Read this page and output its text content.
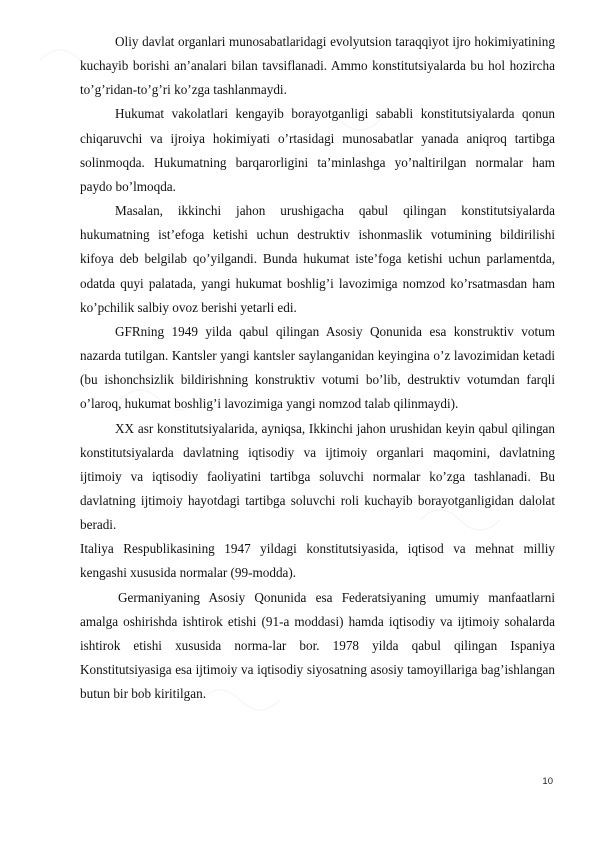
Oliy davlat organlari munosabatlaridagi evolyutsion taraqqiyot ijro hokimiyatining kuchayib borishi an’analari bilan tavsiflanadi. Ammo konstitutsiyalarda bu hol hozircha to’g’ridan-to’g’ri ko’zga tashlanmaydi.

Hukumat vakolatlari kengayib borayotganligi sababli konstitutsiyalarda qonun chiqaruvchi va ijroiya hokimiyati o’rtasidagi munosabatlar yanada aniqroq tartibga solinmoqda. Hukumatning barqarorligini ta’minlashga yo’naltirilgan normalar ham paydo bo’lmoqda.

Masalan, ikkinchi jahon urushigacha qabul qilingan konstitutsiyalarda hukumatning ist’efoga ketishi uchun destruktiv ishonmaslik votumining bildirilishi kifoya deb belgilab qo’yilgandi. Bunda hukumat iste’foga ketishi uchun parlamentda, odatda quyi palatada, yangi hukumat boshlig’i lavozimiga nomzod ko’rsatmasdan ham ko’pchilik salbiy ovoz berishi yetarli edi.

GFRning 1949 yilda qabul qilingan Asosiy Qonunida esa konstruktiv votum nazarda tutilgan. Kantsler yangi kantsler saylanganidan keyingina o’z lavozimidan ketadi (bu ishonchsizlik bildirishning konstruktiv votumi bo’lib, destruktiv votumdan farqli o’laroq, hukumat boshlig’i lavozimiga yangi nomzod talab qilinmaydi).

XX asr konstitutsiyalarida, ayniqsa, Ikkinchi jahon urushidan keyin qabul qilingan konstitutsiyalarda davlatning iqtisodiy va ijtimoiy organlari maqomini, davlatning ijtimoiy va iqtisodiy faoliyatini tartibga soluvchi normalar ko’zga tashlanadi. Bu davlatning ijtimoiy hayotdagi tartibga soluvchi roli kuchayib borayotganligidan dalolat beradi.

Italiya Respublikasining 1947 yildagi konstitutsiyasida, iqtisod va mehnat milliy kengashi xususida normalar (99-modda).

Germaniyaning Asosiy Qonunida esa Federatsiyaning umumiy manfaatlarni amalga oshirishda ishtirok etishi (91-a moddasi) hamda iqtisodiy va ijtimoiy sohalarda ishtirok etishi xususida norma-lar bor. 1978 yilda qabul qilingan Ispaniya Konstitutsiyasiga esa ijtimoiy va iqtisodiy siyosatning asosiy tamoyillariga bag’ishlangan butun bir bob kiritilgan.

10
